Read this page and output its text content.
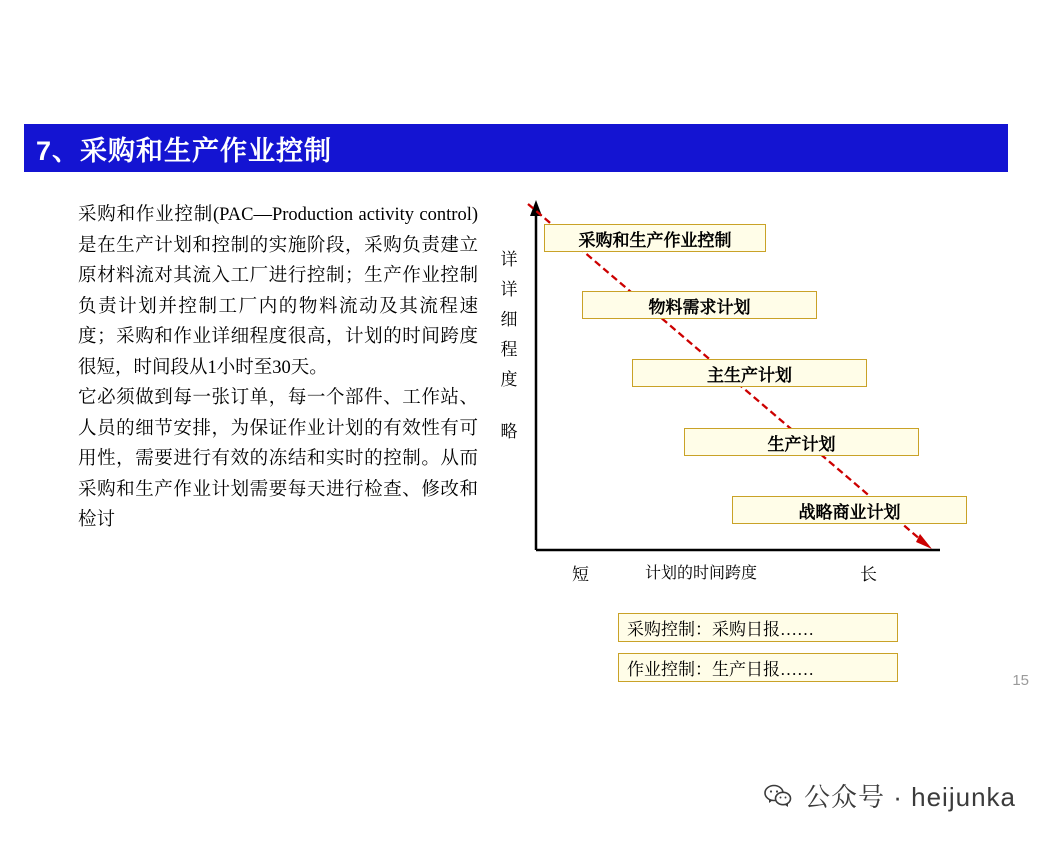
7、采购和生产作业控制

采购和作业控制(PAC—Production activity control)是在生产计划和控制的实施阶段，采购负责建立原材料流对其流入工厂进行控制；生产作业控制负责计划并控制工厂内的物料流动及其流程速度；采购和作业详细程度很高，计划的时间跨度很短，时间段从1小时至30天。

它必须做到每一张订单，每一个部件、工作站、人员的细节安排，为保证作业计划的有效性有可用性，需要进行有效的冻结和实时的控制。从而采购和生产作业计划需要每天进行检查、修改和检讨

详
详
细
程
度
略
采购和生产作业控制
物料需求计划
主生产计划
生产计划
战略商业计划
短	计划的时间跨度	长
采购控制：采购日报……
作业控制：生产日报……
15
公众号 · heijunka
